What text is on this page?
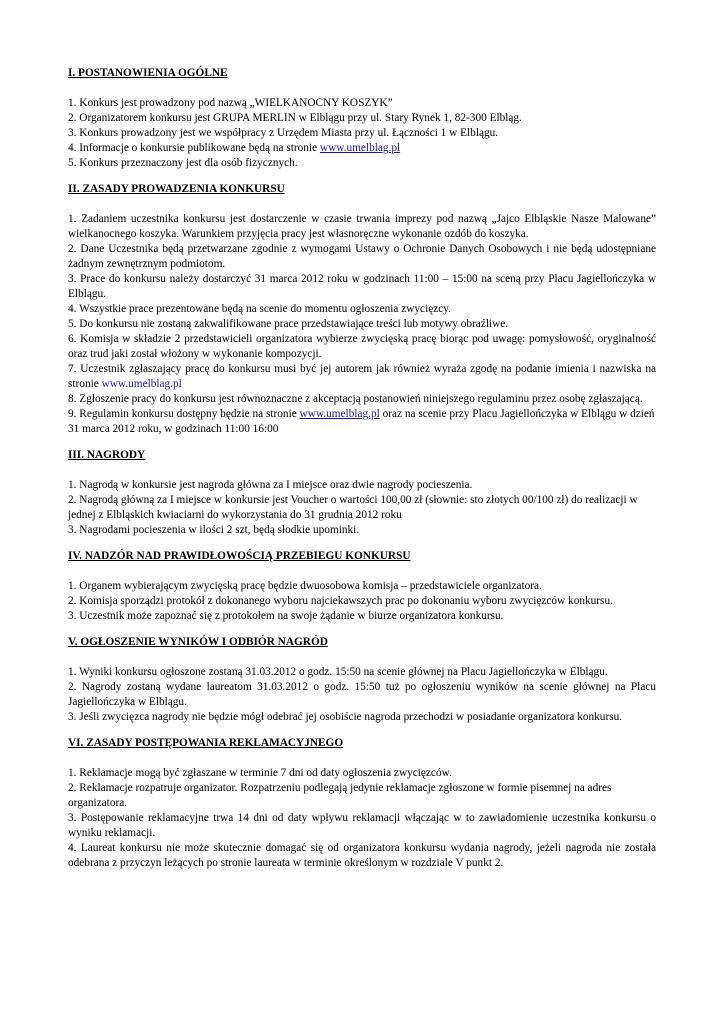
I. POSTANOWIENIA OGÓLNE

1. Konkurs jest prowadzony pod nazwą „WIELKANOCNY KOSZYK”

2. Organizatorem konkursu jest GRUPA MERLIN w Elblągu przy ul. Stary Rynek 1, 82-300 Elbląg.

3. Konkurs prowadzony jest we współpracy z Urzędem Miasta przy ul. Łączności 1 w Elblągu.

4. Informacje o konkursie publikowane będą na stronie www.umelblag.pl

5. Konkurs przeznaczony jest dla osób fizycznych.

II. ZASADY PROWADZENIA KONKURSU

1. Zadaniem uczestnika konkursu jest dostarczenie w czasie trwania imprezy pod nazwą „Jajco Elbląskie Nasze Malowane” wielkanocnego koszyka. Warunkiem przyjęcia pracy jest własnoręczne wykonanie ozdób do koszyka.

2. Dane Uczestnika będą przetwarzane zgodnie z wymogami Ustawy o Ochronie Danych Osobowych i nie będą udostępniane żadnym zewnętrznym podmiotom.

3. Prace do konkursu należy dostarczyć 31 marca 2012 roku w godzinach 11:00 – 15:00 na sceną przy Placu Jagiellończyka w Elblągu.

4. Wszystkie prace prezentowane będą na scenie do momentu ogłoszenia zwycięzcy.

5. Do konkursu nie zostaną zakwalifikowane prace przedstawiające treści lub motywy obraźliwe.

6. Komisja w składzie 2 przedstawicieli organizatora wybierze zwycięską pracę biorąc pod uwagę: pomysłowość, oryginalność oraz trud jaki został włożony w wykonanie kompozycji.

7. Uczestnik zgłaszający pracę do konkursu musi być jej autorem jak również wyraża zgodę na podanie imienia i nazwiska na stronie www.umelblag.pl

8. Zgłoszenie pracy do konkursu jest równoznaczne z akceptacją postanowień niniejszego regulaminu przez osobę zgłaszającą.

9. Regulamin konkursu dostępny będzie na stronie www.umelblag.pl oraz na scenie przy Placu Jagiellończyka w Elblągu w dzień 31 marca 2012 roku, w godzinach 11:00 16:00

III. NAGRODY

1. Nagrodą w konkursie jest nagroda główna za I miejsce oraz dwie nagrody pocieszenia.

2. Nagrodą główną za I miejsce w konkursie jest Voucher o wartości 100,00 zł (słownie: sto złotych 00/100 zł) do realizacji w jednej z Elbląskich kwiaciarni do wykorzystania do 31 grudnia 2012 roku

3. Nagrodami pocieszenia w ilości 2 szt, będą słodkie upominki.

IV. NADZÓR NAD PRAWIDŁOWOŚCIĄ PRZEBIEGU KONKURSU

1. Organem wybierającym zwycięską pracę będzie dwuosobowa komisja – przedstawiciele organizatora.

2. Komisja sporządzi protokół z dokonanego wyboru najciekawszych prac po dokonaniu wyboru zwycięzców konkursu.

3. Uczestnik może zapoznać się z protokołem na swoje żądanie w biurze organizatora konkursu.

V. OGŁOSZENIE WYNIKÓW I ODBIÓR NAGRÓD

1. Wyniki konkursu ogłoszone zostaną 31.03.2012 o godz. 15:50 na scenie głównej na Placu Jagiellończyka w Elblągu.

2. Nagrody zostaną wydane laureatom 31.03.2012 o godz. 15:50 tuż po ogłoszeniu wyników na scenie głównej na Placu Jagiellończyka w Elblągu.

3. Jeśli zwycięzca nagrody nie będzie mógł odebrać jej osobiście nagroda przechodzi w posiadanie organizatora konkursu.

VI. ZASADY POSTĘPOWANIA REKLAMACYJNEGO

1. Reklamacje mogą być zgłaszane w terminie 7 dni od daty ogłoszenia zwycięzców.

2. Reklamacje rozpatruje organizator. Rozpatrzeniu podlegają jedynie reklamacje zgłoszone w formie pisemnej na adres organizatora.

3. Postępowanie reklamacyjne trwa 14 dni od daty wpływu reklamacji włączając w to zawiadomienie uczestnika konkursu o wyniku reklamacji.

4. Laureat konkursu nie może skutecznie domagać się od organizatora konkursu wydania nagrody, jeżeli nagroda nie została odebrana z przyczyn leżących po stronie laureata w terminie określonym w rozdziale V punkt 2.
